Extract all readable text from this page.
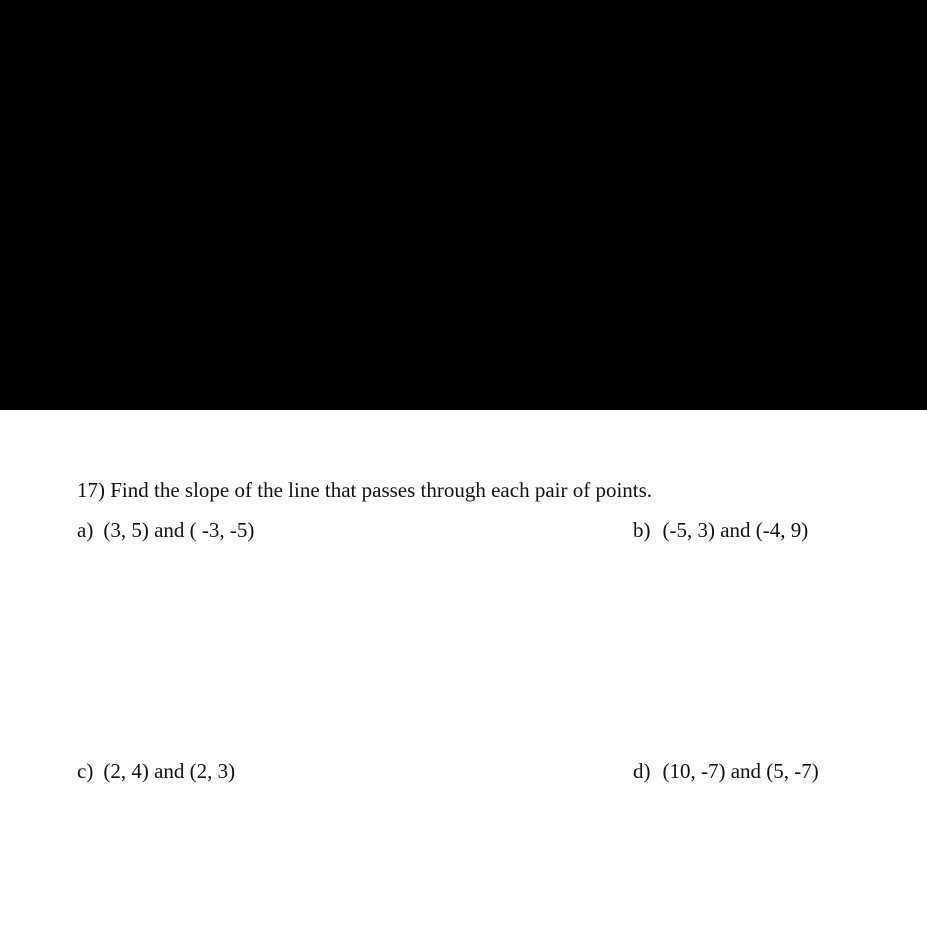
17) Find the slope of the line that passes through each pair of points.
a) (3, 5) and ( -3, -5)	b) (-5, 3) and (-4, 9)
c) (2, 4) and (2, 3)	d) (10, -7) and (5, -7)
